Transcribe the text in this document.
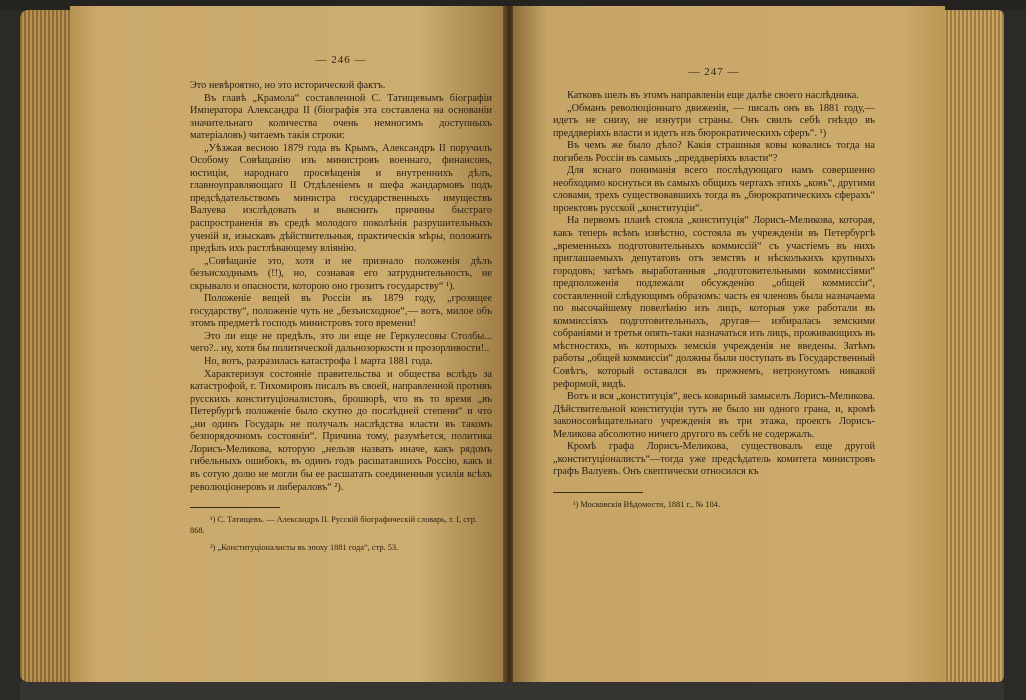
— 246 —

Это невѣроятно, но это исторической фактъ.

Въ главѣ „Крамола“ составленной С. Татищевымъ біографіи Императора Александра II (біографія эта составлена на основаніи значительнаго количества очень немногимъ доступныхъ матеріаловъ) читаемъ такія строки:

„Уѣзжая весною 1879 года въ Крымъ, Александръ II поручилъ Особому Совѣщанію изъ министровъ военнаго, финансовъ, юстиціи, народнаго просвѣщенія и внутреннихъ дѣлъ, главноуправляющаго II Отдѣленіемъ и шефа жандармовъ подъ предсѣдательствомъ министра государственныхъ имуществъ Валуева изслѣдовать и выяснить причины быстраго распространенія въ средѣ молодого поколѣнія разрушительныхъ ученій и, изыскавъ дѣйствительныя, практическія мѣры, положить предѣлъ ихъ растлѣвающему вліянію.

„Совѣщаніе это, хотя и не признало положенія дѣлъ безъисходнымъ (!!), но, сознавая его затруднительность, не скрывало и опасности, которою оно грозитъ государству“ ¹).

Положеніе вещей въ Россіи въ 1879 году, „грозящее государству“, положеніе чуть не „безъисходное“,— вотъ, милое объ этомъ предметѣ господъ министровъ того времени!

Это ли еще не предѣлъ, это ли еще не Геркулесовы Столбы... чего?.. ну, хотя бы политической дальнозоркости и прозорливости!..

Но, вотъ, разразилась катастрофа 1 марта 1881 года.

Характеризуя состояніе правительства и общества вслѣдъ за катастрофой, г. Тихомировъ писалъ въ своей, направленной противъ русскихъ конституціоналистовъ, брошюрѣ, что въ то время „въ Петербургѣ положеніе было скутно до послѣдней степени“ и что „ни одинъ Государь не получалъ наслѣдства власти въ такомъ безпорядочномъ состояніи“. Причина тому, разумѣется, политика Лорисъ-Меликова, которую „нельзя назвать иначе, какъ рядомъ гибельныхъ ошибокъ, въ одинъ годъ расшатавшихъ Россію, какъ и въ сотую долю не могли бы ее расшатать соединенныя усилія всѣхъ революціонеровъ и либераловъ“ ²).

¹) С. Татищевъ. — Александръ II. Русскій біографическій словарь, т. I, стр. 868.

²) „Конституціоналисты въ эпоху 1881 года“, стр. 53.

— 247 —

Катковъ шелъ въ этомъ направленіи еще далѣе своего наслѣдника.

„Обманъ революціоннаго движенія, — писалъ онъ въ 1881 году,— идетъ не снизу, не изнутри страны. Онъ свилъ себѣ гнѣздо въ преддверіяхъ власти и идетъ изъ бюрократическихъ сферъ“. ¹)

Въ чемъ же было дѣло? Какія страшныя ковы ковались тогда на погибель Россіи въ самыхъ „преддверіяхъ власти“?

Для яснаго пониманія всего послѣдующаго намъ совершенно необходимо коснуться въ самыхъ общихъ чертахъ этихъ „ковъ“, другими словами, трехъ существовавшихъ тогда въ „бюрократическихъ сферахъ“ проектовъ русской „конституціи“.

На первомъ планѣ стояла „конституція“ Лорисъ-Меликова, которая, какъ теперь всѣмъ извѣстно, состояла въ учрежденіи въ Петербургѣ „временныхъ подготовительныхъ коммиссій“ съ участіемъ въ нихъ приглашаемыхъ депутатовъ отъ земствъ и нѣсколькихъ крупныхъ городовъ; затѣмъ выработанныя „подготовительными коммиссіями“ предположенія подлежали обсужденію „общей коммиссіи“, составленной слѣдующимъ образомъ: часть ея членовъ была назначаема по высочайшему повелѣнію изъ лицъ, которыя уже работали въ коммиссіяхъ подготовительныхъ, другая— избиралась земскими собраніями и третья опять-таки назначаться изъ лицъ, проживающихъ въ мѣстностяхъ, въ которыхъ земскія учрежденія не введены. Затѣмъ работы „общей коммиссіи“ должны были поступать въ Государственный Совѣтъ, который оставался въ прежнемъ, нетронутомъ никакой реформой, видѣ.

Вотъ и вся „конституція“, весь коварный замыселъ Лорисъ-Меликова. Дѣйствительной конституціи тутъ не было ни одного грана, и, кромѣ законосовѣщательнаго учрежденія въ три этажа, проектъ Лорисъ-Меликова абсолютно ничего другого въ себѣ не содержалъ.

Кромѣ графа Лорисъ-Меликова, существовалъ еще другой „конституціоналистъ“—тогда уже предсѣдатель комитета министровъ графъ Валуевъ. Онъ скептически относился къ

¹) Московскія Вѣдомости, 1881 г., № 104.
